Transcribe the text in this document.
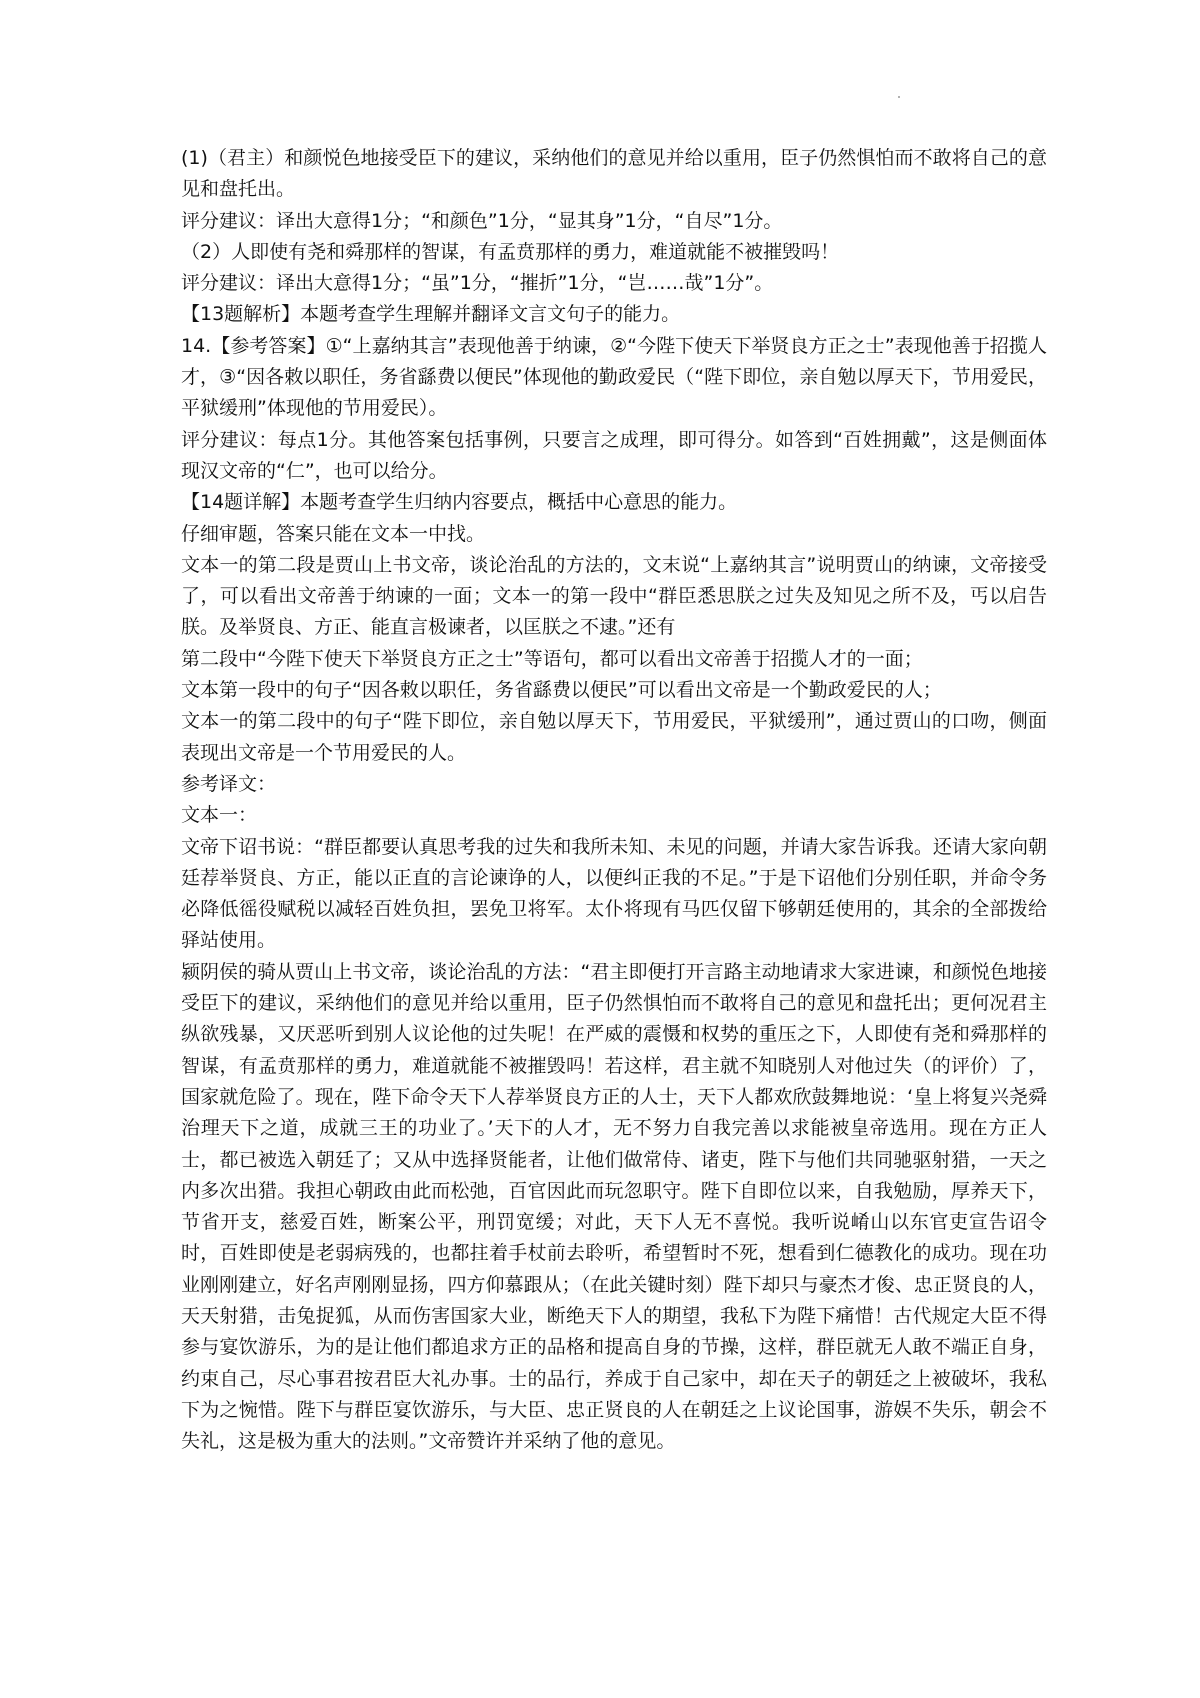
(1)（君主）和颜悦色地接受臣下的建议，采纳他们的意见并给以重用，臣子仍然惧怕而不敢将自己的意见和盘托出。

评分建议：译出大意得1分；“和颜色”1分，“显其身”1分，“自尽”1分。

（2）人即使有尧和舜那样的智谋，有孟贲那样的勇力，难道就能不被摧毁吗！

评分建议：译出大意得1分；“虽”1分，“摧折”1分，“岂……哉”1分”。

【13题解析】本题考查学生理解并翻译文言文句子的能力。

14.【参考答案】①“上嘉纳其言”表现他善于纳谏，②“今陛下使天下举贤良方正之士”表现他善于招揽人才，③“因各敕以职任，务省繇费以便民”体现他的勤政爱民（“陛下即位，亲自勉以厚天下，节用爱民，平狱缓刑”体现他的节用爱民）。

评分建议：每点1分。其他答案包括事例，只要言之成理，即可得分。如答到“百姓拥戴”，这是侧面体现汉文帝的“仁”，也可以给分。

【14题详解】本题考查学生归纳内容要点，概括中心意思的能力。

仔细审题，答案只能在文本一中找。

文本一的第二段是贾山上书文帝，谈论治乱的方法的，文末说“上嘉纳其言”说明贾山的纳谏，文帝接受了，可以看出文帝善于纳谏的一面；文本一的第一段中“群臣悉思朕之过失及知见之所不及，丐以启告朕。及举贤良、方正、能直言极谏者，以匡朕之不逮。”还有

第二段中“今陛下使天下举贤良方正之士”等语句，都可以看出文帝善于招揽人才的一面；

文本第一段中的句子“因各敕以职任，务省繇费以便民”可以看出文帝是一个勤政爱民的人；

文本一的第二段中的句子“陛下即位，亲自勉以厚天下，节用爱民，平狱缓刑”，通过贾山的口吻，侧面表现出文帝是一个节用爱民的人。

参考译文：

文本一：

文帝下诏书说：“群臣都要认真思考我的过失和我所未知、未见的问题，并请大家告诉我。还请大家向朝廷荐举贤良、方正，能以正直的言论谏诤的人，以便纠正我的不足。”于是下诏他们分别任职，并命令务必降低徭役赋税以减轻百姓负担，罢免卫将军。太仆将现有马匹仅留下够朝廷使用的，其余的全部拨给驿站使用。

颍阴侯的骑从贾山上书文帝，谈论治乱的方法：“君主即便打开言路主动地请求大家进谏，和颜悦色地接受臣下的建议，采纳他们的意见并给以重用，臣子仍然惧怕而不敢将自己的意见和盘托出；更何况君主纵欲残暴，又厌恶听到别人议论他的过失呢！在严威的震慑和权势的重压之下，人即使有尧和舜那样的智谋，有孟贲那样的勇力，难道就能不被摧毁吗！若这样，君主就不知晓别人对他过失（的评价）了，国家就危险了。现在，陛下命令天下人荐举贤良方正的人士，天下人都欢欣鼓舞地说：‘皇上将复兴尧舜治理天下之道，成就三王的功业了。’天下的人才，无不努力自我完善以求能被皇帝选用。现在方正人士，都已被选入朝廷了；又从中选择贤能者，让他们做常侍、诸吏，陛下与他们共同驰驱射猎，一天之内多次出猎。我担心朝政由此而松弛，百官因此而玩忽职守。陛下自即位以来，自我勉励，厚养天下，节省开支，慈爱百姓，断案公平，刑罚宽缓；对此，天下人无不喜悦。我听说崤山以东官吏宣告诏令时，百姓即使是老弱病残的，也都拄着手杖前去聆听，希望暂时不死，想看到仁德教化的成功。现在功业刚刚建立，好名声刚刚显扬，四方仰慕跟从；（在此关键时刻）陛下却只与豪杰才俊、忠正贤良的人，天天射猎，击兔捉狐，从而伤害国家大业，断绝天下人的期望，我私下为陛下痛惜！古代规定大臣不得参与宴饮游乐，为的是让他们都追求方正的品格和提高自身的节操，这样，群臣就无人敢不端正自身，约束自己，尽心事君按君臣大礼办事。士的品行，养成于自己家中，却在天子的朝廷之上被破坏，我私下为之惋惜。陛下与群臣宴饮游乐，与大臣、忠正贤良的人在朝廷之上议论国事，游娱不失乐，朝会不失礼，这是极为重大的法则。”文帝赞许并采纳了他的意见。
